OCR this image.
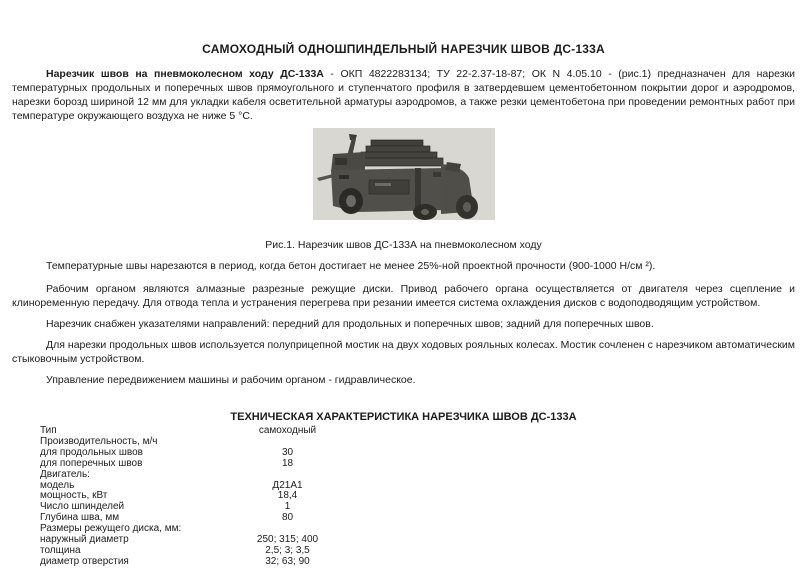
САМОХОДНЫЙ ОДНОШПИНДЕЛЬНЫЙ НАРЕЗЧИК ШВОВ ДС-133А
Нарезчик швов на пневмоколесном ходу ДС-133А - ОКП 4822283134; ТУ 22-2.37-18-87; ОК N 4.05.10 - (рис.1) предназначен для нарезки температурных продольных и поперечных швов прямоугольного и ступенчатого профиля в затвердевшем цементобетонном покрытии дорог и аэродромов, нарезки борозд шириной 12 мм для укладки кабеля осветительной арматуры аэродромов, а также резки цементобетона при проведении ремонтных работ при температуре окружающего воздуха не ниже 5 °С.
Рис.1. Нарезчик швов ДС-133А на пневмоколесном ходу
Температурные швы нарезаются в период, когда бетон достигает не менее 25%-ной проектной прочности (900-1000 Н/см ²).
Рабочим органом являются алмазные разрезные режущие диски. Привод рабочего органа осуществляется от двигателя через сцепление и клиноременную передачу. Для отвода тепла и устранения перегрева при резании имеется система охлаждения дисков с водоподводящим устройством.
Нарезчик снабжен указателями направлений: передний для продольных и поперечных швов; задний для поперечных швов.
Для нарезки продольных швов используется полуприцепной мостик на двух ходовых рояльных колесах. Мостик сочленен с нарезчиком автоматическим стыковочным устройством.
Управление передвижением машины и рабочим органом - гидравлическое.
ТЕХНИЧЕСКАЯ ХАРАКТЕРИСТИКА НАРЕЗЧИКА ШВОВ ДС-133А
Тип	самоходный
Производительность, м/ч	
для продольных швов	30
для поперечных швов	18
Двигатель:	
модель	Д21А1
мощность, кВт	18,4
Число шпинделей	1
Глубина шва, мм	80
Размеры режущего диска, мм:	
наружный диаметр	250; 315; 400
толщина	2,5; 3; 3,5
диаметр отверстия	32; 63; 90
